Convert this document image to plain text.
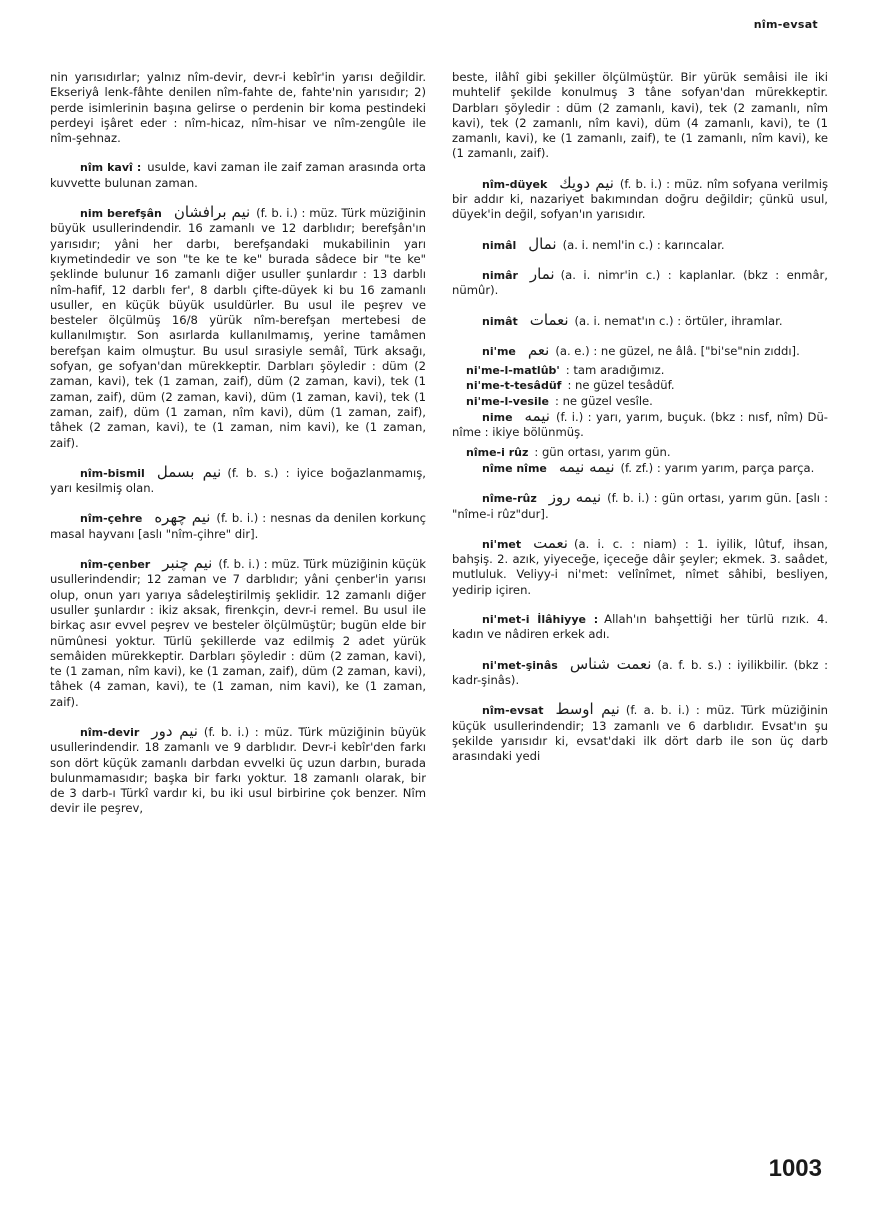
nîm-evsat

nin yarısıdırlar; yalnız nîm-devir, devr-i kebîr'in yarısı değildir. Ekseriyâ lenk-fâhte denilen nîm-fahte de, fahte'nin yarısıdır; 2) perde isimlerinin başına gelirse o perdenin bir koma pestindeki perdeyi işâret eder : nîm-hicaz, nîm-hisar ve nîm-zengûle ile nîm-şehnaz.

nîm kavî : usulde, kavi zaman ile zaif zaman arasında orta kuvvette bulunan zaman.

nim berefşân نیم برافشان (f. b. i.) : müz. Türk müziğinin büyük usullerindendir. 16 zamanlı ve 12 darblıdır; berefşân'ın yarısıdır; yâni her darbı, berefşandaki mukabilinin yarı kıymetindedir ve son "te ke te ke" burada sâdece bir "te ke" şeklinde bulunur 16 zamanlı diğer usuller şunlardır : 13 darblı nîm-hafif, 12 darblı fer', 8 darblı çifte-düyek ki bu 16 zamanlı usuller, en küçük büyük usuldürler. Bu usul ile peşrev ve besteler ölçülmüş 16/8 yürük nîm-berefşan mertebesi de kullanılmıştır. Son asırlarda kullanılmamış, yerine tamâmen berefşan kaim olmuştur. Bu usul sırasiyle semâî, Türk aksağı, sofyan, ge sofyan'dan mürekkeptir. Darbları şöyledir : düm (2 zaman, kavi), tek (1 zaman, zaif), düm (2 zaman, kavi), tek (1 zaman, zaif), düm (2 zaman, kavi), düm (1 zaman, kavi), tek (1 zaman, zaif), düm (1 zaman, nîm kavi), düm (1 zaman, zaif), tâhek (2 zaman, kavi), te (1 zaman, nim kavi), ke (1 zaman, zaif).

nîm-bismil نیم بسمل (f. b. s.) : iyice boğazlanmamış, yarı kesilmiş olan.

nîm-çehre نیم چهره (f. b. i.) : nesnas da denilen korkunç masal hayvanı [aslı "nîm-çihre" dir].

nîm-çenber نیم چنبر (f. b. i.) : müz. Türk müziğinin küçük usullerindendir; 12 zaman ve 7 darblıdır; yâni çenber'in yarısı olup, onun yarı yarıya sâdeleştirilmiş şeklidir. 12 zamanlı diğer usuller şunlardır : ikiz aksak, firenkçin, devr-i remel. Bu usul ile birkaç asır evvel peşrev ve besteler ölçülmüştür; bugün elde bir nümûnesi yoktur. Türlü şekillerde vaz edilmiş 2 adet yürük semâiden mürekkeptir. Darbları şöyledir : düm (2 zaman, kavi), te (1 zaman, nîm kavi), ke (1 zaman, zaif), düm (2 zaman, kavi), tâhek (4 zaman, kavi), te (1 zaman, nim kavi), ke (1 zaman, zaif).

nîm-devir نیم دور (f. b. i.) : müz. Türk müziğinin büyük usullerindendir. 18 zamanlı ve 9 darblıdır. Devr-i kebîr'den farkı son dört küçük zamanlı darbdan evvelki üç uzun darbın, burada bulunmamasıdır; başka bir farkı yoktur. 18 zamanlı olarak, bir de 3 darb-ı Türkî vardır ki, bu iki usul birbirine çok benzer. Nîm devir ile peşrev,

beste, ilâhî gibi şekiller ölçülmüştür. Bir yürük semâisi ile iki muhtelif şekilde konulmuş 3 tâne sofyan'dan mürekkeptir. Darbları şöyledir : düm (2 zamanlı, kavi), tek (2 zamanlı, nîm kavi), tek (2 zamanlı, nîm kavi), düm (4 zamanlı, kavi), te (1 zamanlı, kavi), ke (1 zamanlı, zaif), te (1 zamanlı, nîm kavi), ke (1 zamanlı, zaif).

nîm-düyek نیم دویك (f. b. i.) : müz. nîm sofyana verilmiş bir addır ki, nazariyet bakımından doğru değildir; çünkü usul, düyek'in değil, sofyan'ın yarısıdır.

nimâl نمال (a. i. neml'in c.) : karıncalar.

nimâr نمار (a. i. nimr'in c.) : kaplanlar. (bkz : enmâr, nümûr).

nimât نعمات (a. i. nemat'ın c.) : örtüler, ihramlar.

ni'me نعم (a. e.) : ne güzel, ne âlâ. ["bi'se"nin zıddı].

ni'me-l-matlûb' : tam aradığımız.

ni'me-t-tesâdüf : ne güzel tesâdüf.

ni'me-l-vesile : ne güzel vesîle.

nime نیمه (f. i.) : yarı, yarım, buçuk. (bkz : nısf, nîm) Dü-nîme : ikiye bölünmüş.

nîme-i rûz : gün ortası, yarım gün.

nîme nîme نیمه نیمه (f. zf.) : yarım yarım, parça parça.

nîme-rûz نیمه روز (f. b. i.) : gün ortası, yarım gün. [aslı : "nîme-i rûz"dur].

ni'met نعمت (a. i. c. : niam) : 1. iyilik, lûtuf, ihsan, bahşiş. 2. azık, yiyeceğe, içeceğe dâir şeyler; ekmek. 3. saâdet, mutluluk. Veliyy-i ni'met: velînîmet, nîmet sâhibi, besliyen, yedirip içiren.

ni'met-i İlâhiyye : Allah'ın bahşettiği her türlü rızık. 4. kadın ve nâdiren erkek adı.

ni'met-şinâs نعمت شناس (a. f. b. s.) : iyilikbilir. (bkz : kadr-şinâs).

nîm-evsat نیم اوسط (f. a. b. i.) : müz. Türk müziğinin küçük usullerindendir; 13 zamanlı ve 6 darblıdır. Evsat'ın şu şekilde yarısıdır ki, evsat'daki ilk dört darb ile son üç darb arasındaki yedi

1003
